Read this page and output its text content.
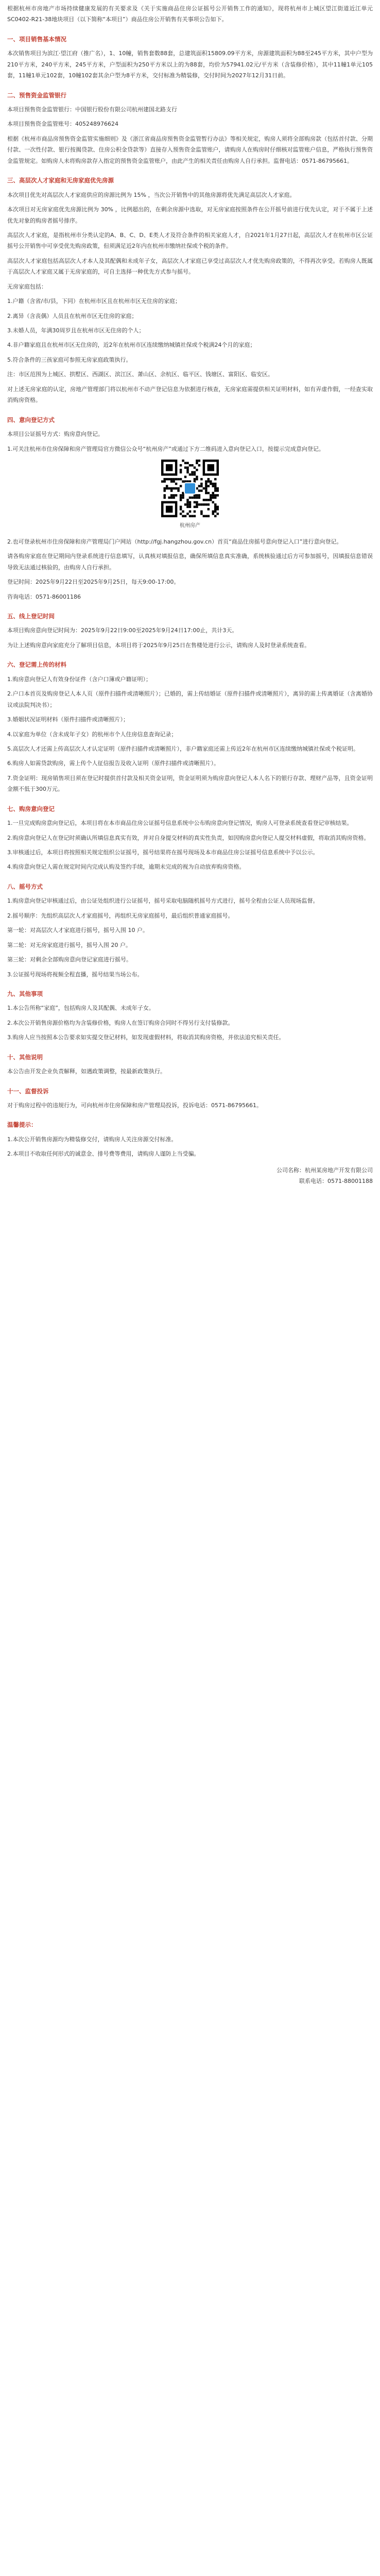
根据杭州市房地产市场持续健康发展的有关要求及《关于实施商品住房公证摇号公开销售工作的通知》，现将杭州市上城区望江街道近江单元SC0402-R21-38地块项目（以下简称“本项目”）商品住房公开销售有关事项公告如下。

一、项目销售基本情况

本次销售项目为滨江·望江府（推广名），1、10幢，销售套数88套，总建筑面积15809.09平方米，房源建筑面积为88至245平方米，其中户型为210平方米，240平方米，245平方米，户型面积为250平方米以上的为88套，均价为57941.02元/平方米（含装修价格），其中11幢1单元105套，11幢1单元102套，10幢102套其余户型为8平方米，交付标准为精装修，交付时间为2027年12月31日前。

二、预售资金监管银行

本项目预售资金监管银行：中国银行股份有限公司杭州建国北路支行

本项目预售资金监管账号：405248976624

根据《杭州市商品房预售资金监管实施细则》及《浙江省商品房预售资金监管暂行办法》等相关规定，购房人须将全部购房款（包括首付款、分期付款、一次性付款、银行按揭贷款、住房公积金贷款等）直接存入预售资金监管账户，请购房人在购房时仔细核对监管账户信息，严格执行预售资金监管规定。如购房人未将购房款存入指定的预售资金监管账户，由此产生的相关责任由购房人自行承担。监督电话：0571-86795661。

三、高层次人才家庭和无房家庭优先房源

本次项目优先对高层次人才家庭供应的房源比例为 15% ，当次公开销售中的其他房源将优先满足高层次人才家庭。

本次项目对无房家庭优先房源比例为 30% ，比例超出的，在剩余房源中选取，对无房家庭按照条件在公开摇号前进行优先认定，对于不属于上述优先对象的购房者摇号排序。

高层次人才家庭，是指杭州市分类认定的A、B、C、D、E类人才及符合条件的相关家庭人才，自2021年1月27日起，高层次人才在杭州市区公证摇号公开销售中可享受优先购房政策，但须满足近2年内在杭州市缴纳社保或个税的条件。

高层次人才家庭包括高层次人才本人及其配偶和未成年子女，高层次人才家庭已享受过高层次人才优先购房政策的，不得再次享受。若购房人既属于高层次人才家庭又属于无房家庭的，可自主选择一种优先方式参与摇号。

无房家庭包括：

1.户籍（含省/市/县，下同）在杭州市区且在杭州市区无住房的家庭；

2.离异（含丧偶）人员且在杭州市区无住房的家庭；

3.未婚人员，年满30周岁且在杭州市区无住房的个人；

4.非户籍家庭且在杭州市区无住房的，近2年在杭州市区连续缴纳城镇社保或个税满24个月的家庭；

5.符合条件的三孩家庭可参照无房家庭政策执行。

注：市区范围为上城区、拱墅区、西湖区、滨江区、萧山区、余杭区、临平区、钱塘区、富阳区、临安区。

对上述无房家庭的认定，房地产管理部门将以杭州市不动产登记信息为依据进行核查，无房家庭需提供相关证明材料，如有弄虚作假，一经查实取消购房资格。

四、意向登记方式

本项目公证摇号方式：购房意向登记。

1.可关注杭州市住房保障和房产管理局官方微信公众号“杭州房产”或通过下方二维码进入意向登记入口，按提示完成意向登记。

杭州房产

2.也可登录杭州市住房保障和房产管理局门户网站（http://fgj.hangzhou.gov.cn）首页“商品住房摇号意向登记入口”进行意向登记。

请各购房家庭在登记期间内登录系统进行信息填写，认真核对填报信息，确保所填信息真实准确，系统核验通过后方可参加摇号，因填报信息错误导致无法通过核验的，由购房人自行承担。

登记时间：2025年9月22日至2025年9月25日，每天9:00-17:00。

咨询电话：0571-86001186

五、线上登记时间

本项目购房意向登记时间为：2025年9月22日9:00至2025年9月24日17:00止，共计3天。

为让上述购房意向家庭充分了解项目信息，本项目将于2025年9月25日在售楼处进行公示，请购房人及时登录系统查看。

六、登记需上传的材料

1.购房意向登记人有效身份证件（含户口簿或户籍证明）；

2.户口本首页及购房登记人本人页（原件扫描件或清晰照片）；已婚的，需上传结婚证（原件扫描件或清晰照片），离异的需上传离婚证（含离婚协议或法院判决书）；

3.婚姻状况证明材料（原件扫描件或清晰照片）；

4.以家庭为单位（含未成年子女）的杭州市个人住房信息查询记录；

5.高层次人才还需上传高层次人才认定证明（原件扫描件或清晰照片），非户籍家庭还需上传近2年在杭州市区连续缴纳城镇社保或个税证明。

6.购房人如需贷款购房，需上传个人征信报告及收入证明（原件扫描件或清晰照片）。

7.资金证明：现房销售项目须在登记时提供首付款及相关资金证明，资金证明须为购房意向登记人本人名下的银行存款、理财产品等，且资金证明金额不低于300万元。

七、购房意向登记

1.一旦完成购房意向登记后，本项目将在本市商品住房公证摇号信息系统中公布购房意向登记情况，购房人可登录系统查看登记审核结果。

2.购房意向登记人在登记时须确认所填信息真实有效，并对自身提交材料的真实性负责，如因购房意向登记人提交材料虚假，将取消其购房资格。

3.审核通过后，本项目将按照相关规定组织公证摇号，摇号结果将在摇号现场及本市商品住房公证摇号信息系统中予以公示。

4.购房意向登记人需在规定时间内完成认购及签约手续，逾期未完成的视为自动放弃购房资格。

八、摇号方式

1.购房意向登记审核通过后，由公证处组织进行公证摇号，摇号采取电脑随机摇号方式进行，摇号全程由公证人员现场监督。

2.摇号顺序：先组织高层次人才家庭摇号，再组织无房家庭摇号，最后组织普通家庭摇号。

第一轮：对高层次人才家庭进行摇号，摇号入围 10 户。

第二轮：对无房家庭进行摇号，摇号入围 20 户。

第三轮：对剩余全部购房意向登记家庭进行摇号。

3.公证摇号现场将视频全程直播，摇号结果当场公布。

九、其他事项

1.本公告所称“家庭”，包括购房人及其配偶、未成年子女。

2.本次公开销售房源价格均为含装修价格，购房人在签订购房合同时不得另行支付装修款。

3.购房人应当按照本公告要求如实提交登记材料，如发现虚假材料，将取消其购房资格，并依法追究相关责任。

十、其他说明

本公告由开发企业负责解释，如遇政策调整，按最新政策执行。

十一、监督投诉

对于购房过程中的违规行为，可向杭州市住房保障和房产管理局投诉，投诉电话：0571-86795661。

温馨提示：

1.本次公开销售房源均为精装修交付，请购房人关注房源交付标准。

2.本项目不收取任何形式的诚意金、排号费等费用，请购房人谨防上当受骗。

公司名称：杭州某房地产开发有限公司
联系电话：0571-88001188
